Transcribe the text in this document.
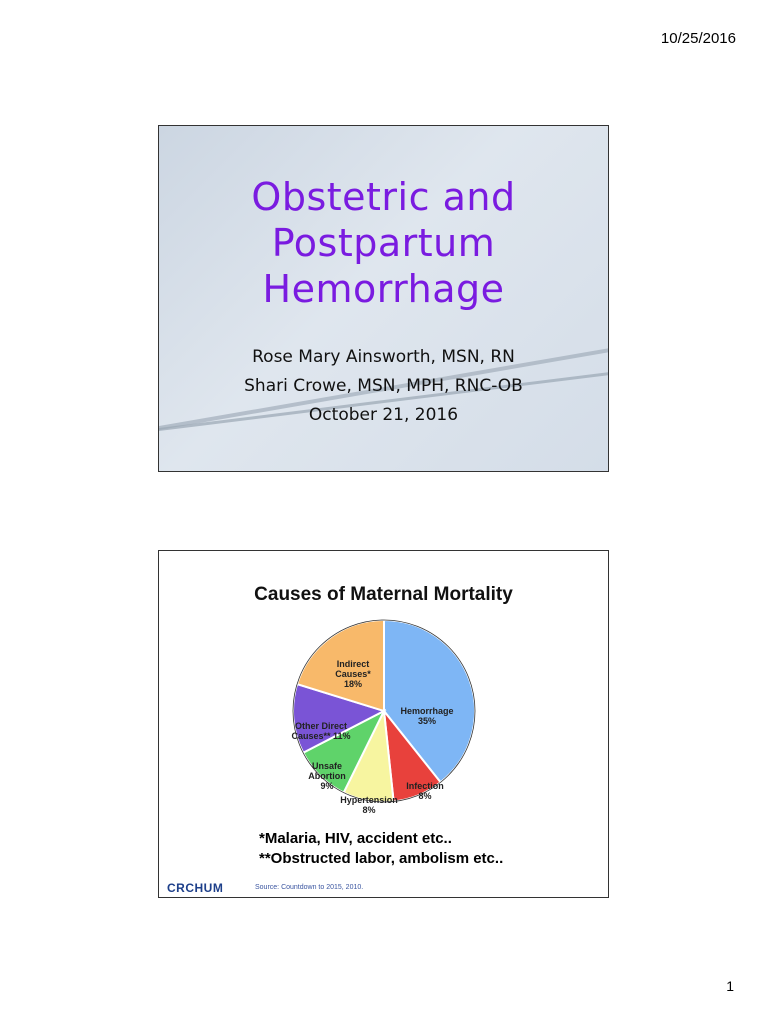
10/25/2016
Obstetric and
Postpartum
Hemorrhage
Rose Mary Ainsworth, MSN, RN
Shari Crowe, MSN, MPH, RNC-OB
October 21, 2016
Causes of Maternal Mortality
Hemorrhage 35%
Infection 8%
Hypertension 8%
Unsafe Abortion 9%
Other Direct Causes** 11%
Indirect Causes* 18%
*Malaria, HIV, accident etc..
**Obstructed labor, ambolism etc..
CRCHUM	Source: Countdown to 2015, 2010.
1
